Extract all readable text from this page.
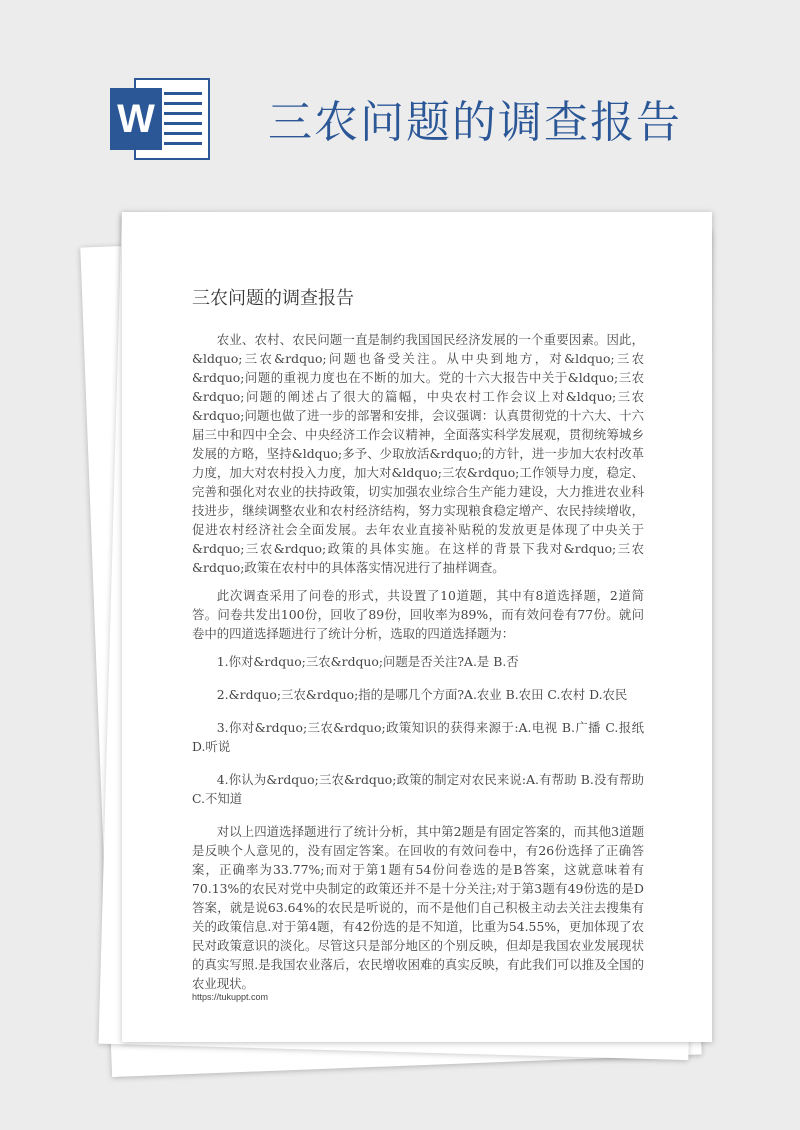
W	三农问题的调查报告
三农问题的调查报告

农业、农村、农民问题一直是制约我国国民经济发展的一个重要因素。因此，&ldquo;三农&rdquo;问题也备受关注。从中央到地方，对&ldquo;三农&rdquo;问题的重视力度也在不断的加大。党的十六大报告中关于&ldquo;三农&rdquo;问题的阐述占了很大的篇幅，中央农村工作会议上对&ldquo;三农&rdquo;问题也做了进一步的部署和安排，会议强调：认真贯彻党的十六大、十六届三中和四中全会、中央经济工作会议精神，全面落实科学发展观，贯彻统筹城乡发展的方略，坚持&ldquo;多予、少取放活&rdquo;的方针，进一步加大农村改革力度，加大对农村投入力度，加大对&ldquo;三农&rdquo;工作领导力度，稳定、完善和强化对农业的扶持政策，切实加强农业综合生产能力建设，大力推进农业科技进步，继续调整农业和农村经济结构，努力实现粮食稳定增产、农民持续增收，促进农村经济社会全面发展。去年农业直接补贴税的发放更是体现了中央关于&rdquo;三农&rdquo;政策的具体实施。在这样的背景下我对&rdquo;三农&rdquo;政策在农村中的具体落实情况进行了抽样调查。

此次调查采用了问卷的形式，共设置了10道题，其中有8道选择题，2道简答。问卷共发出100份，回收了89份，回收率为89%，而有效问卷有77份。就问卷中的四道选择题进行了统计分析，选取的四道选择题为：

1.你对&rdquo;三农&rdquo;问题是否关注?A.是 B.否

2.&rdquo;三农&rdquo;指的是哪几个方面?A.农业 B.农田 C.农村 D.农民

3.你对&rdquo;三农&rdquo;政策知识的获得来源于:A.电视 B.广播 C.报纸 D.听说

4.你认为&rdquo;三农&rdquo;政策的制定对农民来说:A.有帮助 B.没有帮助 C.不知道

对以上四道选择题进行了统计分析，其中第2题是有固定答案的，而其他3道题是反映个人意见的，没有固定答案。在回收的有效问卷中，有26份选择了正确答案，正确率为33.77%;而对于第1题有54份问卷选的是B答案，这就意味着有70.13%的农民对党中央制定的政策还并不是十分关注;对于第3题有49份选的是D答案，就是说63.64%的农民是听说的，而不是他们自己积极主动去关注去搜集有关的政策信息.对于第4题，有42份选的是不知道，比重为54.55%，更加体现了农民对政策意识的淡化。尽管这只是部分地区的个别反映，但却是我国农业发展现状的真实写照.是我国农业落后，农民增收困难的真实反映，有此我们可以推及全国的农业现状。

https://tukuppt.com
